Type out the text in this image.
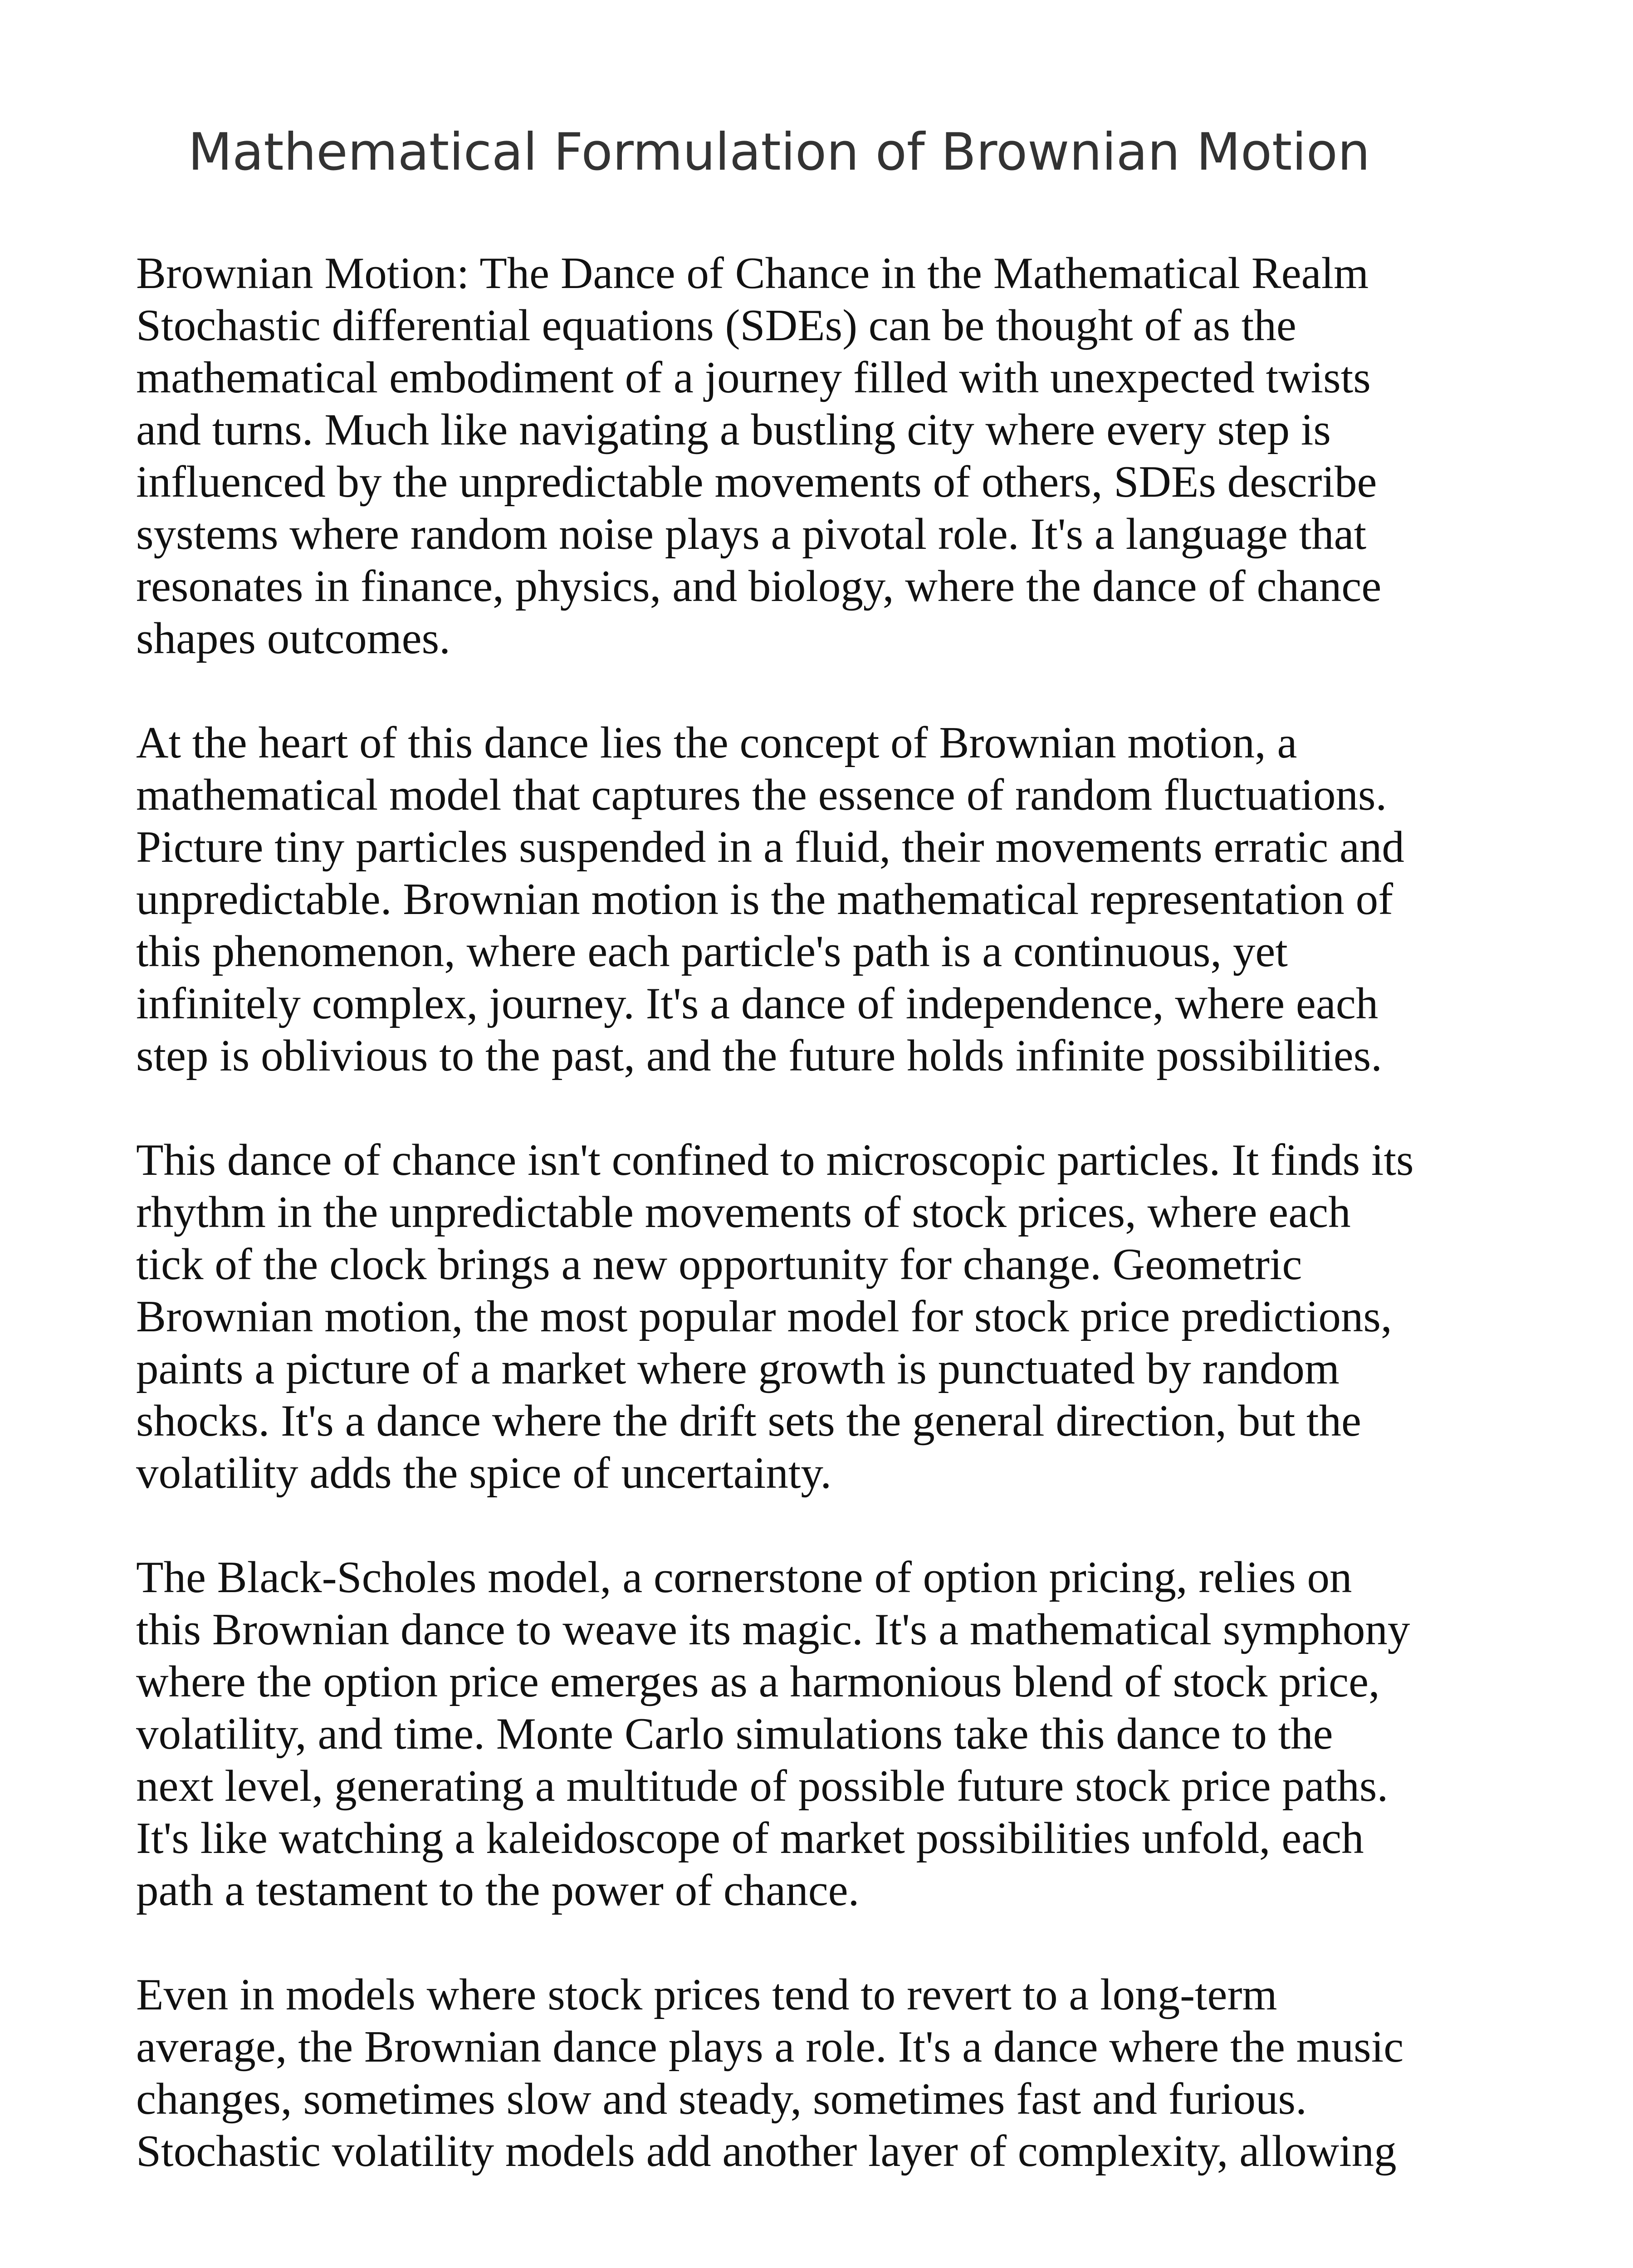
Mathematical Formulation of Brownian Motion
Brownian Motion: The Dance of Chance in the Mathematical Realm
Stochastic differential equations (SDEs) can be thought of as the
mathematical embodiment of a journey filled with unexpected twists
and turns. Much like navigating a bustling city where every step is
influenced by the unpredictable movements of others, SDEs describe
systems where random noise plays a pivotal role. It's a language that
resonates in finance, physics, and biology, where the dance of chance
shapes outcomes.
At the heart of this dance lies the concept of Brownian motion, a
mathematical model that captures the essence of random fluctuations.
Picture tiny particles suspended in a fluid, their movements erratic and
unpredictable. Brownian motion is the mathematical representation of
this phenomenon, where each particle's path is a continuous, yet
infinitely complex, journey. It's a dance of independence, where each
step is oblivious to the past, and the future holds infinite possibilities.
This dance of chance isn't confined to microscopic particles. It finds its
rhythm in the unpredictable movements of stock prices, where each
tick of the clock brings a new opportunity for change. Geometric
Brownian motion, the most popular model for stock price predictions,
paints a picture of a market where growth is punctuated by random
shocks. It's a dance where the drift sets the general direction, but the
volatility adds the spice of uncertainty.
The Black-Scholes model, a cornerstone of option pricing, relies on
this Brownian dance to weave its magic. It's a mathematical symphony
where the option price emerges as a harmonious blend of stock price,
volatility, and time. Monte Carlo simulations take this dance to the
next level, generating a multitude of possible future stock price paths.
It's like watching a kaleidoscope of market possibilities unfold, each
path a testament to the power of chance.
Even in models where stock prices tend to revert to a long-term
average, the Brownian dance plays a role. It's a dance where the music
changes, sometimes slow and steady, sometimes fast and furious.
Stochastic volatility models add another layer of complexity, allowing
